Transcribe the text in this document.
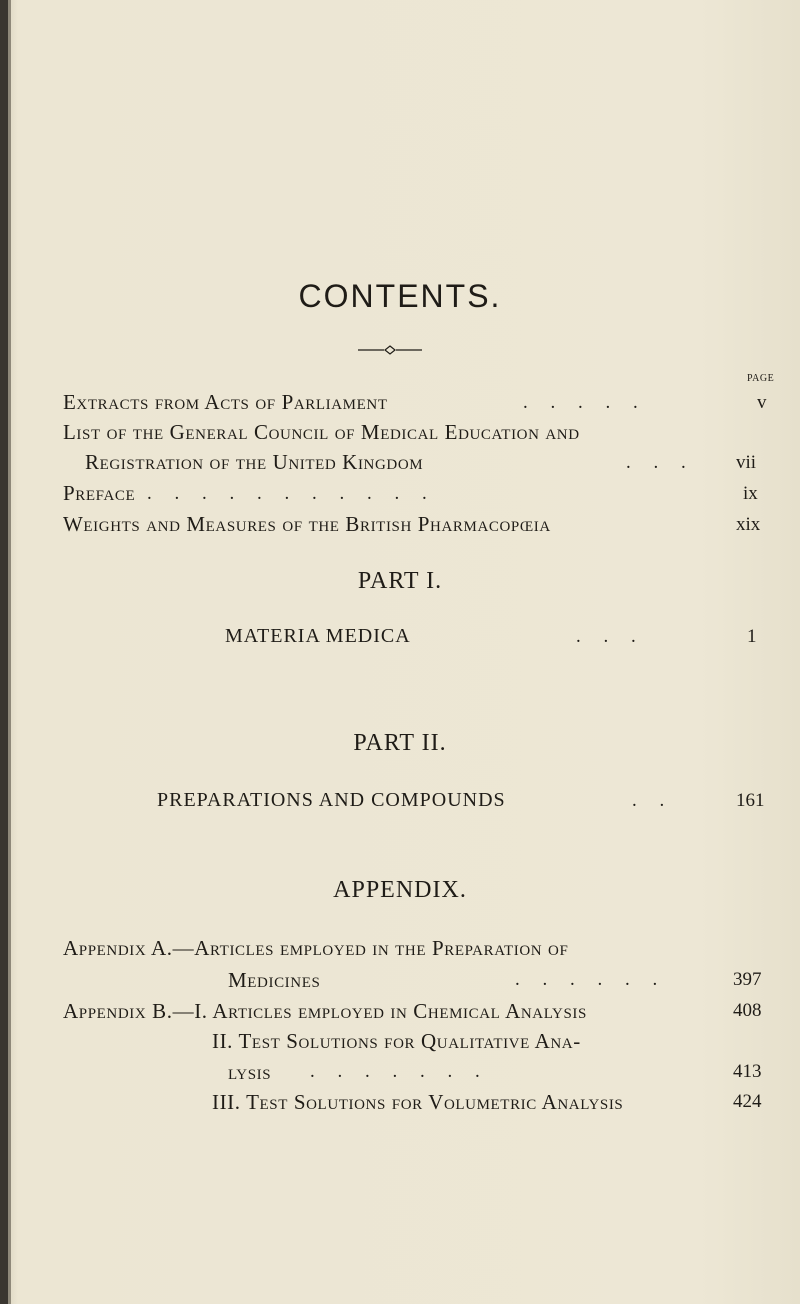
CONTENTS.
PAGE
Extracts from Acts of Parliament	. . . . .	v
List of the General Council of Medical Education and
Registration of the United Kingdom	. . . vii
Preface . . . . . . . . . . .	ix
Weights and Measures of the British Pharmacopœia	xix
PART I.
MATERIA MEDICA	. . .	1
PART II.
PREPARATIONS AND COMPOUNDS	. .	161
APPENDIX.
Appendix A.—Articles employed in the Preparation of
Medicines	. . . . . .	397
Appendix B.—I. Articles employed in Chemical Analysis	408
II. Test Solutions for Qualitative Ana-
lysis . . . . . . .	413
III. Test Solutions for Volumetric Analysis	424
